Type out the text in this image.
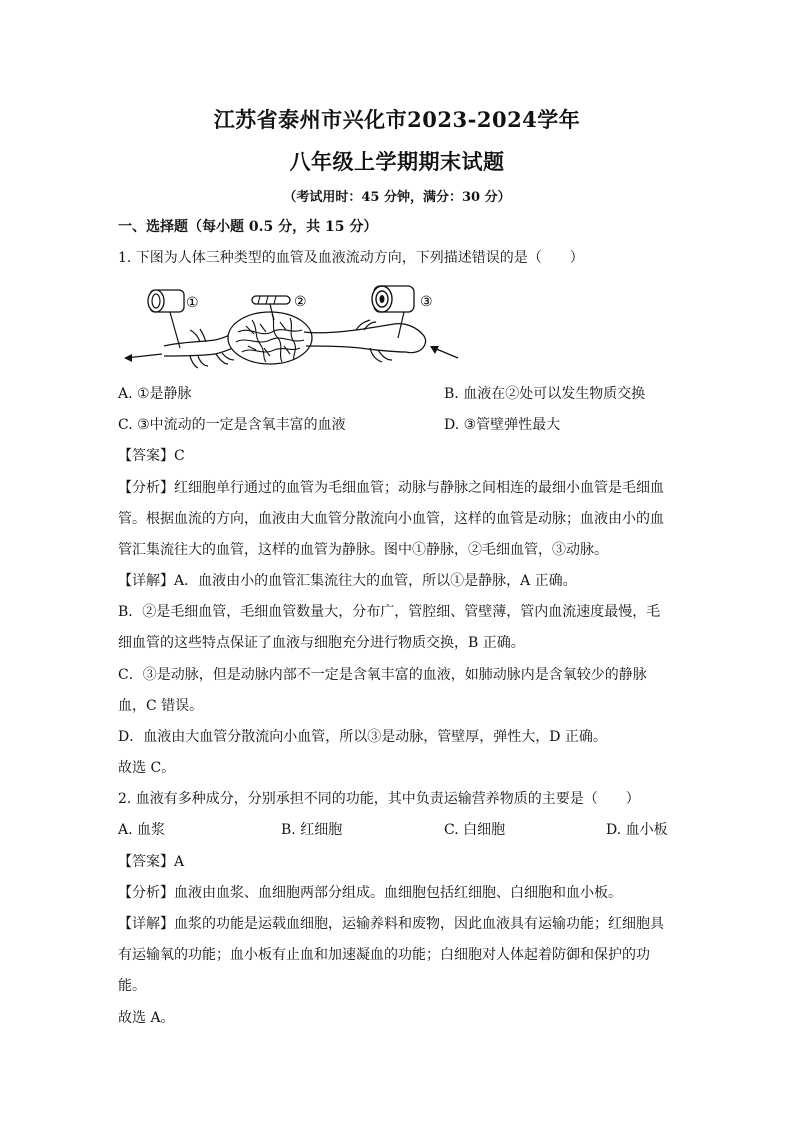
江苏省泰州市兴化市2023-2024学年
八年级上学期期末试题
（考试用时：45 分钟，满分：30 分）
一、选择题（每小题 0.5 分，共 15 分）
1. 下图为人体三种类型的血管及血液流动方向，下列描述错误的是（　　）
①	②	③
A. ①是静脉	B. 血液在②处可以发生物质交换
C. ③中流动的一定是含氧丰富的血液	D. ③管壁弹性最大
【答案】C
【分析】红细胞单行通过的血管为毛细血管；动脉与静脉之间相连的最细小血管是毛细血
管。根据血流的方向，血液由大血管分散流向小血管，这样的血管是动脉；血液由小的血
管汇集流往大的血管，这样的血管为静脉。图中①静脉，②毛细血管，③动脉。
【详解】A．血液由小的血管汇集流往大的血管，所以①是静脉，A 正确。
B．②是毛细血管，毛细血管数量大，分布广，管腔细、管壁薄，管内血流速度最慢，毛
细血管的这些特点保证了血液与细胞充分进行物质交换，B 正确。
C．③是动脉，但是动脉内部不一定是含氧丰富的血液，如肺动脉内是含氧较少的静脉
血，C 错误。
D．血液由大血管分散流向小血管，所以③是动脉，管壁厚，弹性大，D 正确。
故选 C。
2. 血液有多种成分，分别承担不同的功能，其中负责运输营养物质的主要是（　　）
A. 血浆	B. 红细胞	C. 白细胞	D. 血小板
【答案】A
【分析】血液由血浆、血细胞两部分组成。血细胞包括红细胞、白细胞和血小板。
【详解】血浆的功能是运载血细胞，运输养料和废物，因此血液具有运输功能；红细胞具
有运输氧的功能；血小板有止血和加速凝血的功能；白细胞对人体起着防御和保护的功
能。
故选 A。
